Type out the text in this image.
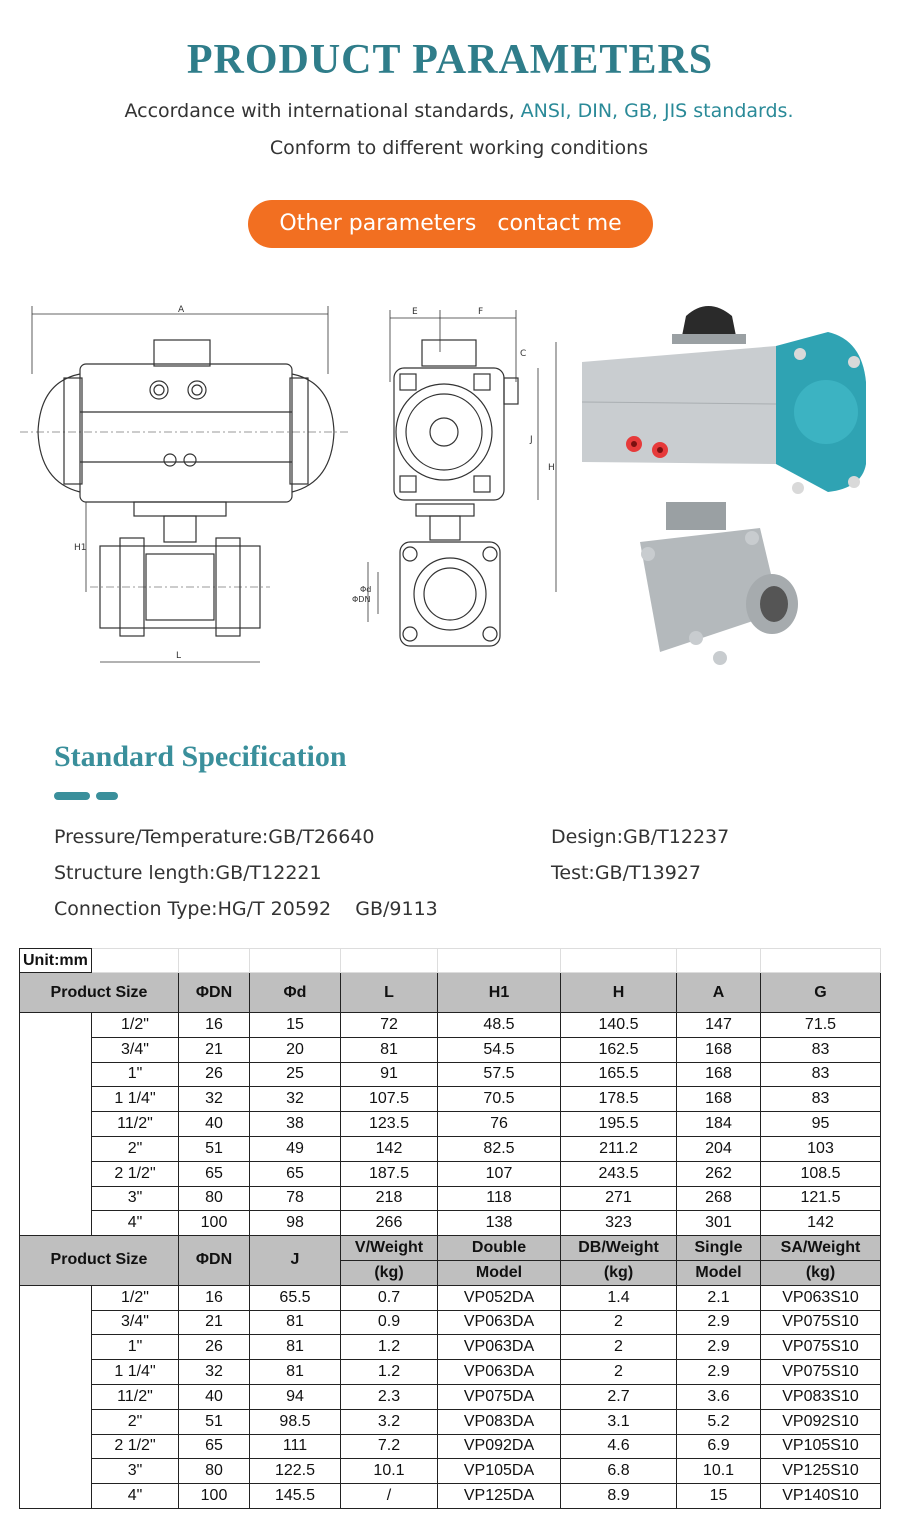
PRODUCT PARAMETERS
Accordance with international standards, ANSI, DIN, GB, JIS standards.
Conform to different working conditions
Other parameters   contact me
A
H1
L
E	F
C
J
H
ΦDN
Φd
Standard Specification
Pressure/Temperature:GB/T26640	Design:GB/T12237
Structure length:GB/T12221	Test:GB/T13927
Connection Type:HG/T 20592    GB/9113
Unit:mm								
Product Size		ΦDN	Φd	L	H1	H	A	G
	1/2"	16	15	72	48.5	140.5	147	71.5
	3/4"	21	20	81	54.5	162.5	168	83
	1"	26	25	91	57.5	165.5	168	83
	1 1/4"	32	32	107.5	70.5	178.5	168	83
	11/2"	40	38	123.5	76	195.5	184	95
	2"	51	49	142	82.5	211.2	204	103
	2 1/2"	65	65	187.5	107	243.5	262	108.5
	3"	80	78	218	118	271	268	121.5
	4"	100	98	266	138	323	301	142
Product Size		ΦDN	J	V/Weight	Double	DB/Weight	Single	SA/Weight
				(kg)	Model	(kg)	Model	(kg)
	1/2"	16	65.5	0.7	VP052DA	1.4	2.1	VP063S10
	3/4"	21	81	0.9	VP063DA	2	2.9	VP075S10
	1"	26	81	1.2	VP063DA	2	2.9	VP075S10
	1 1/4"	32	81	1.2	VP063DA	2	2.9	VP075S10
	11/2"	40	94	2.3	VP075DA	2.7	3.6	VP083S10
	2"	51	98.5	3.2	VP083DA	3.1	5.2	VP092S10
	2 1/2"	65	111	7.2	VP092DA	4.6	6.9	VP105S10
	3"	80	122.5	10.1	VP105DA	6.8	10.1	VP125S10
	4"	100	145.5	/	VP125DA	8.9	15	VP140S10
